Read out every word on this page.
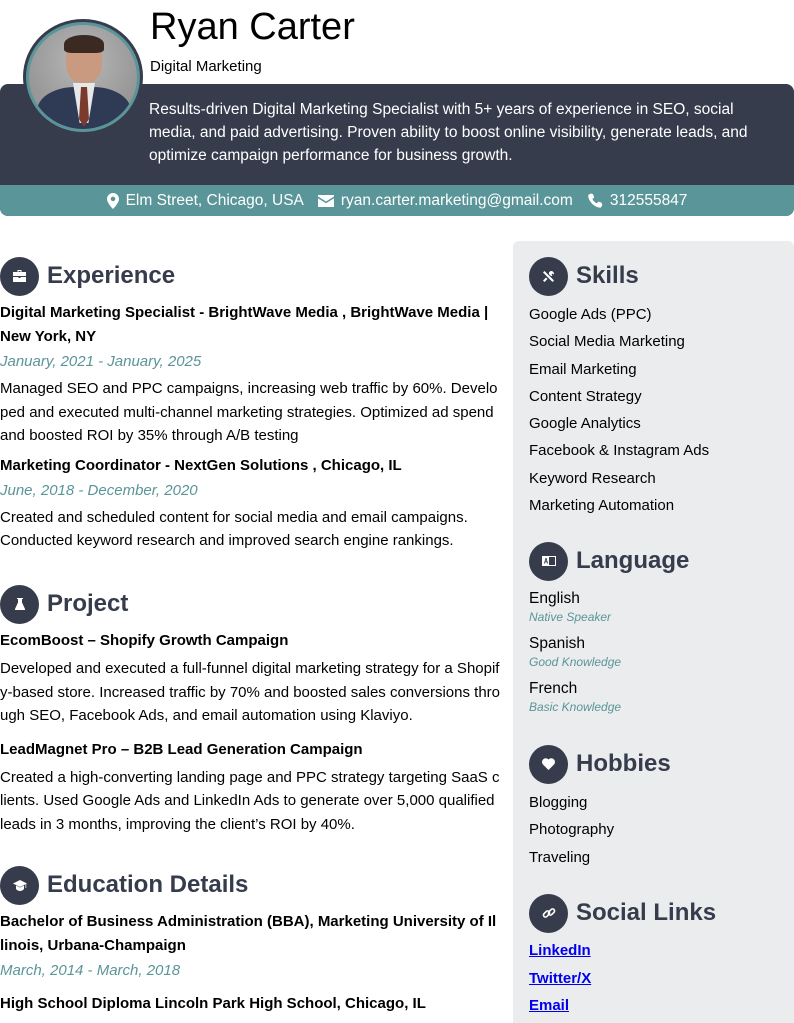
Results-driven Digital Marketing Specialist with 5+ years of experience in SEO, social media, and paid advertising. Proven ability to boost online visibility, generate leads, and optimize campaign performance for business growth.
Elm Street, Chicago, USA ryan.carter.marketing@gmail.com 312555847
Ryan Carter
Digital Marketing
Experience
Digital Marketing Specialist - BrightWave Media , BrightWave Media | New York, NY
January, 2021 - January, 2025
Managed SEO and PPC campaigns, increasing web traffic by 60%. Developed and executed multi-channel marketing strategies. Optimized ad spend and boosted ROI by 35% through A/B testing
Marketing Coordinator - NextGen Solutions , Chicago, IL
June, 2018 - December, 2020
Created and scheduled content for social media and email campaigns. Conducted keyword research and improved search engine rankings.
Project
EcomBoost – Shopify Growth Campaign
Developed and executed a full-funnel digital marketing strategy for a Shopify-based store. Increased traffic by 70% and boosted sales conversions through SEO, Facebook Ads, and email automation using Klaviyo.
LeadMagnet Pro – B2B Lead Generation Campaign
Created a high-converting landing page and PPC strategy targeting SaaS clients. Used Google Ads and LinkedIn Ads to generate over 5,000 qualified leads in 3 months, improving the client’s ROI by 40%.
Education Details
Bachelor of Business Administration (BBA), Marketing University of Illinois, Urbana-Champaign
March, 2014 - March, 2018
High School Diploma Lincoln Park High School, Chicago, IL
Skills
Google Ads (PPC)
Social Media Marketing
Email Marketing
Content Strategy
Google Analytics
Facebook & Instagram Ads
Keyword Research
Marketing Automation
Language
English
Native Speaker
Spanish
Good Knowledge
French
Basic Knowledge
Hobbies
Blogging
Photography
Traveling
Social Links
LinkedIn
Twitter/X
Email
